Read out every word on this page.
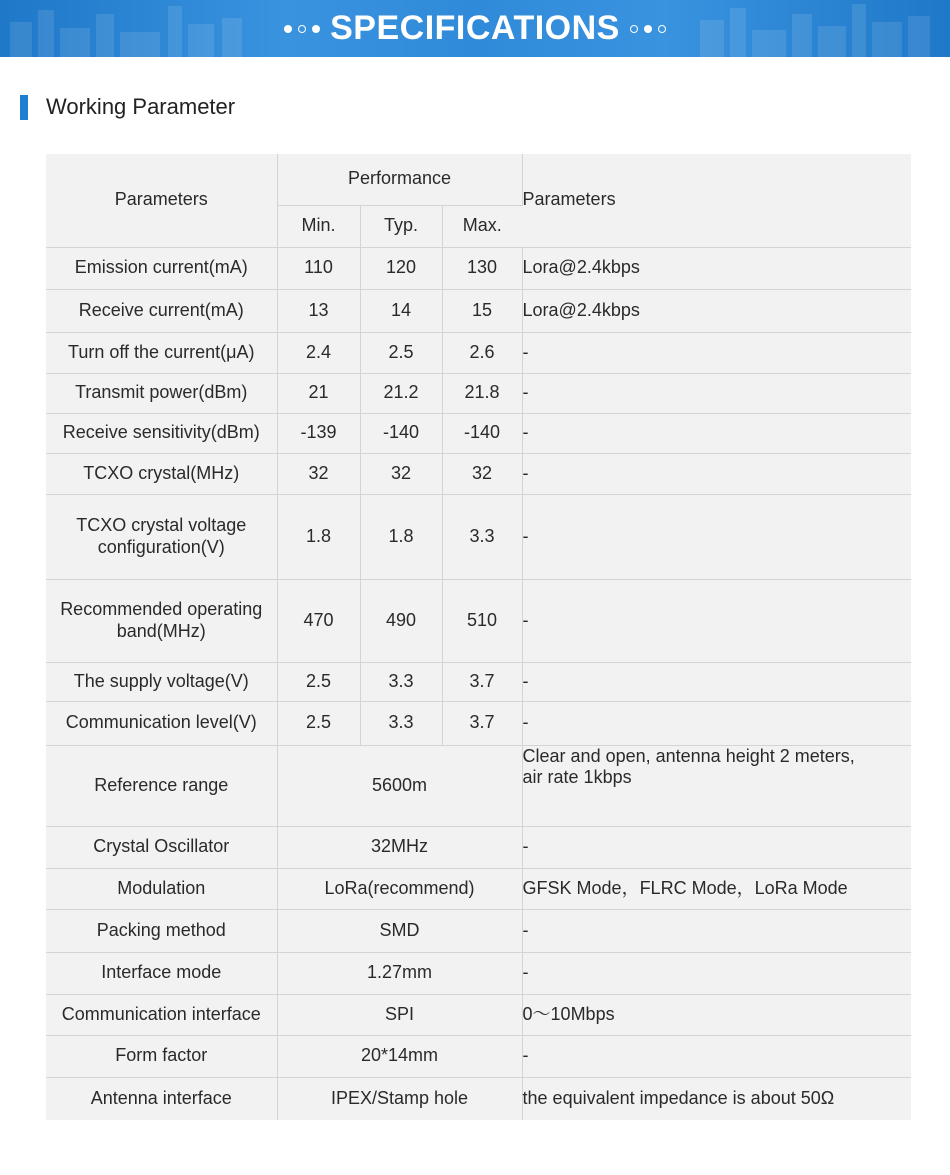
SPECIFICATIONS
Working Parameter
Parameters	Performance			Parameters
	Min.	Typ.	Max.	
Emission current(mA)	110	120	130	Lora@2.4kbps
Receive current(mA)	13	14	15	Lora@2.4kbps
Turn off the current(μA)	2.4	2.5	2.6	-
Transmit power(dBm)	21	21.2	21.8	-
Receive sensitivity(dBm)	-139	-140	-140	-
TCXO crystal(MHz)	32	32	32	-
TCXO crystal voltage
configuration(V)	1.8	1.8	3.3	-
Recommended operating
band(MHz)	470	490	510	-
The supply voltage(V)	2.5	3.3	3.7	-
Communication level(V)	2.5	3.3	3.7	-
Reference range	5600m			Clear and open, antenna height 2 meters,
air rate 1kbps
Crystal Oscillator	32MHz			-
Modulation	LoRa(recommend)			GFSK Mode，FLRC Mode，LoRa Mode
Packing method	SMD			-
Interface mode	1.27mm			-
Communication interface	SPI			0～10Mbps
Form factor	20*14mm			-
Antenna interface	IPEX/Stamp hole			the equivalent impedance is about 50Ω
